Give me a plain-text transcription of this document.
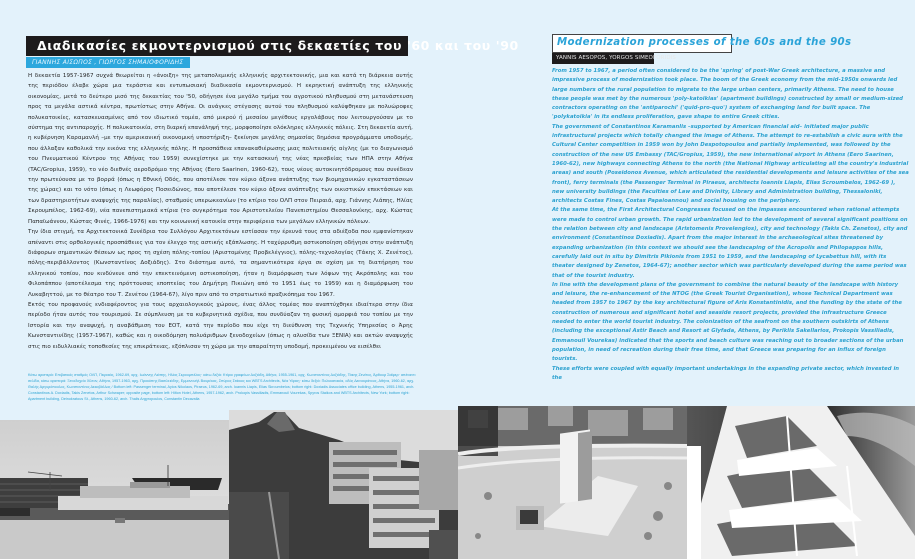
Διαδικασίες εκμοντερνισμού στις δεκαετίες του '60 και του '90
ΓΙΑΝΝΗΣ ΑΙΣΩΠΟΣ , ΓΙΩΡΓΟΣ ΣΗΜΑΙΟΦΟΡΙΔΗΣ

Η δεκαετία 1957-1967 συχνά θεωρείται η «άνοιξη» της μεταπολεμικής ελληνικής αρχιτεκτονικής, μια και κατά τη διάρκεια αυτής της περιόδου έλαβε χώρα μια τεράστια και εντυπωσιακή διαδικασία εκμοντερνισμού. Η εκρηκτική ανάπτυξη της ελληνικής οικονομίας, μετά το δεύτερο μισό της δεκαετίας του '50, οδήγησε ένα μεγάλο τμήμα του αγροτικού πληθυσμού στη μετανάστευση προς τα μεγάλα αστικά κέντρα, πρωτίστως στην Αθήνα. Οι ανάγκες στέγασης αυτού του πληθυσμού καλύφθηκαν με πολυώροφες πολυκατοικίες, κατασκευασμένες από τον ιδιωτικό τομέα, από μικρού ή μεσαίου μεγέθους εργολάβους που λειτουργούσαν με το σύστημα της αντιπαροχής. Η πολυκατοικία, στη διαρκή επανάληψή της, μορφοποίησε ολόκληρες ελληνικές πόλεις. Στη δεκαετία αυτή, η κυβέρνηση Καραμανλή –με την αμερικανική οικονομική υποστήριξη– ξεκίνησε μεγάλης σημασίας δημόσια προγράμματα υποδομής, που άλλαξαν καθολικά την εικόνα της ελληνικής πόλης. Η προσπάθεια επανακαθιέρωσης μιας πολιτειακής αίγλης (με το διαγωνισμό του Πνευματικού Κέντρου της Αθήνας του 1959) συνεχίστηκε με την κατασκευή της νέας πρεσβείας των ΗΠΑ στην Αθήνα (TAC/Gropius, 1959), το νέο διεθνές αεροδρόμιο της Αθήνας (Eero Saarinen, 1960-62), τους νέους αυτοκινητόδρομους που συνέδεαν την πρωτεύουσα με το βορρά (όπως η Εθνική Οδός, που αποτέλεσε τον κύριο άξονα ανάπτυξης των βιομηχανικών εγκαταστάσεων της χώρας) και το νότο (όπως η Λεωφόρος Ποσειδώνος, που αποτέλεσε τον κύριο άξονα ανάπτυξης των οικιστικών επεκτάσεων και των δραστηριοτήτων αναψυχής της παραλίας), σταθμούς υπερωκεανίων (το κτίριο του ΟΛΠ στον Πειραιά, αρχ. Γιάννης Λιάπης, Ηλίας Σκρουμπέλος, 1962-69), νέα πανεπιστημιακά κτίρια (το συγκρότημα του Αριστοτελείου Πανεπιστημίου Θεσσαλονίκης, αρχ. Κώστας Παπαϊωάννου, Κώστας Φινές, 1966-1976) και την κοινωνική κατοικία στην περιφέρεια των μεγάλων ελληνικών πόλεων.

Την ίδια στιγμή, τα Αρχιτεκτονικά Συνέδρια του Συλλόγου Αρχιτεκτόνων εστίασαν την έρευνά τους στα αδιέξοδα που εμφανίστηκαν απέναντι στις ορθολογικές προσπάθειες για τον έλεγχο της αστικής εξάπλωσης. Η ταχύρρυθμη αστικοποίηση οδήγησε στην ανάπτυξη διάφορων σημαντικών θέσεων ως προς τη σχέση πόλης-τοπίου (Αριστομένης Προβελέγγιος), πόλης-τεχνολογίας (Τάκης Χ. Ζενέτος), πόλης-περιβάλλοντος (Κωνσταντίνος Δοξιάδης). Στο διάστημα αυτό, τα σημαντικότερα έργα σε σχέση με τη διατήρηση του ελληνικού τοπίου, που κινδύνευε από την επεκτεινόμενη αστικοποίηση, ήταν η διαμόρφωση των λόφων της Ακρόπολης και του Φιλοπάππου (αποτέλεσμα της πρόττουσας εποπτείας του Δημήτρη Πικιώνη από το 1951 έως το 1959) και η διαμόρφωση του Λυκαβηττού, με το θέατρο του Τ. Ζενέτου (1964-67), λίγο πριν από το στρατιωτικό πραξικόπημα του 1967.

Εκτός του προφανούς ενδιαφέροντος για τους αρχαιολογικούς χώρους, ένας άλλος τομέας που αναπτύχθηκε ιδιαίτερα στην ίδια περίοδο ήταν αυτός του τουρισμού. Σε σύμπλευση με τα κυβερνητικά σχέδια, που συνδύαζαν τη φυσική ομορφιά του τοπίου με την Ιστορία και την αναψυχή, η αναβάθμιση του ΕΟΤ, κατά την περίοδο που είχε τη διεύθυνση της Τεχνικής Υπηρεσίας ο Άρης Κωνσταντινίδης (1957-1967), καθώς και η οικοδόμηση πολυάριθμων ξενοδοχείων (όπως η αλυσίδα των ΞΕΝΙΑ) και ακτών αναψυχής στις πιο ειδυλλιακές τοποθεσίες της επικράτειας, εξόπλισαν τη χώρα με την απαραίτητη υποδομή, προκειμένου να εισέλθει

Κάτω αριστερά: Επιβατικός σταθμός ΟΛΠ, Πειραιάς, 1962-69, αρχ. Ιωάννης Λιάπης, Ηλίας Σκρουμπέλος· κάτω δεξιά: Κτίριο γραφείων Δοξιάδη, Αθήνα, 1955-1961, αρχ. Κωνσταντίνος Δοξιάδης, Τάκης Ζενέτος, Άρθουρ Σαϊφερ· απέναντι σελίδα, κάτω αριστερά: Ξενοδοχείο Χίλτον, Αθήνα, 1957-1963, αρχ. Προκόπης Βασιλειάδης, Εμμανουήλ Βουρέκας, Σπύρος Στάικος και WBTS Architects, Νέα Υόρκη· κάτω δεξιά: Πολυκατοικία, οδός Δεινοκράτους, Αθήνα, 1960-62, αρχ. Θαλής Αργυρόπουλος, Κωνσταντίνος Δεκαβάλλας / Bottom left: Passenger terminal, Ayios Nikolaos, Piraeus, 1962-69, arch. Ioannis Liapis, Elias Skroumbelos; bottom right: Doxiadis Associates office building, Athens, 1955-1961, arch. Constantinos A. Doxiadis, Takis Zenetos, Arthur Schwaper; opposite page, bottom left: Hilton Hotel, Athens, 1957-1962, arch. Prokopis Vassiliadis, Emmanouil Vourekas, Spyros Staikos and WBTS Architects, New York; bottom right: Apartment building, Deinokratous St., Athens, 1960-62, arch. Thalis Argyropoulos, Constantin Decavalla
Modernization processes of the 60s and the 90s
YANNIS AESOPOS, YORGOS SIMEOFORIDIS

From 1957 to 1967, a period often considered to be the 'spring' of post-War Greek architecture, a massive and impressive process of modernization took place. The boom of the Greek economy from the mid-1950s onwards led large numbers of the rural population to migrate to the large urban centers, primarily Athens. The need to house these people was met by the numerous 'poly-katoikias' (apartment buildings) constructed by small or medium-sized contractors operating on the 'antiparochi' ('quid-pro-quo') system of exchanging land for built space. The 'polykatoikia' in its endless proliferation, gave shape to entire Greek cities.

The government of Constantinos Karamanlis –supported by American financial aid– initiated major public infrastructural projects which totally changed the image of Athens. The attempt to re-establish a civic aura with the Cultural Center competition in 1959 won by John Despotopoulos and partially implemented, was followed by the construction of the new US Embassy (TAC/Gropius, 1959), the new international airport in Athens (Eero Saarinen, 1960-62), new highways connecting Athens to the north (the National Highway articulating all the country's industrial areas) and south (Poseidonos Avenue, which articulated the residential developments and leisure activities of the sea front), ferry terminals (the Passenger Terminal in Piraeus, architects Ioannis Liapis, Elias Scroumbelos, 1962-69 ), new university buildings (the Faculties of Law and Divinity, Library and Administration building, Thessaloniki, architects Costas Fines, Costas Papaioannou) and social housing on the periphery.

At the same time, the First Architectural Congresses focused on the impasses encountered when rational attempts were made to control urban growth. The rapid urbanization led to the development of several significant positions on the relation between city and landscape (Aristomenis Provelengios), city and technology (Takis Ch. Zenetos), city and environment (Constantinos Doxiadis). Apart from the major interest in the archaeological sites threatened by expanding urbanization (in this context we should see the landscaping of the Acropolis and Philopappos hills, carefully laid out in situ by Dimitris Pikionis from 1951 to 1959, and the landscaping of Lycabettus hill, with its theater designed by Zenetos, 1964-67); another sector which was particularly developed during the same period was that of the tourist industry.

In line with the development plans of the government to combine the natural beauty of the landscape with history and leisure, the re-enhancement of the NTOG (the Greek Tourist Organisation), whose Technical Department was headed from 1957 to 1967 by the key architectural figure of Aris Konstantinidis, and the funding by the state of the construction of numerous and significant hotel and seaside resort projects, provided the infrastructure Greece needed to enter the world tourist industry. The colonization of the seafront on the southern outskirts of Athens (including the exceptional Astir Beach and Resort at Glyfada, Athens, by Periklis Sakellarios, Prokopis Vassiliadis, Emmanouil Vourekas) indicated that the sports and beach culture was reaching out to broader sections of the urban population, in need of recreation during their free time, and that Greece was preparing for an influx of foreign tourists.

These efforts were coupled with equally important undertakings in the expanding private sector, which invested in the
